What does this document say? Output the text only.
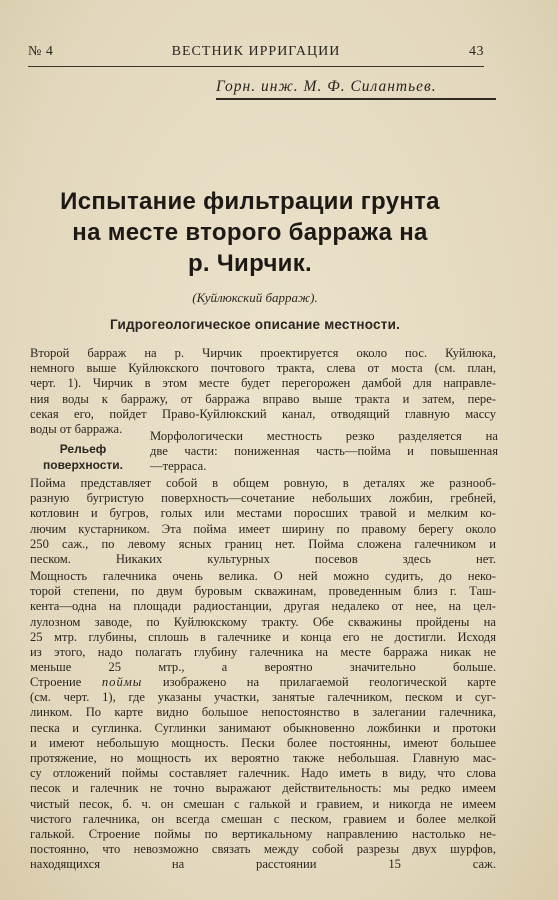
№ 4	ВЕСТНИК ИРРИГАЦИИ	43
Горн. инж. М. Ф. Силантьев.
Испытание фильтрации грунта
на месте второго барража на
р. Чирчик.
(Куйлюкский барраж).
Гидрогеологическое описание местности.
Второй барраж на р. Чирчик проектируется около пос. Куйлюка,
немного выше Куйлюкского почтового тракта, слева от моста (см. план,
черт. 1). Чирчик в этом месте будет перегорожен дамбой для направле-
ния воды к барражу, от барража вправо выше тракта и затем, пере-
секая его, пойдет Право-Куйлюкский канал, отводящий главную массу
воды от барража.
Рельеф
поверхности.
Морфологически местность резко разделяется на
две части: пониженная часть—пойма и повышенная
—терраса.
Пойма представляет собой в общем ровную, в деталях же разнооб-
разную бугристую поверхность—сочетание небольших ложбин, гребней,
котловин и бугров, голых или местами поросших травой и мелким ко-
лючим кустарником. Эта пойма имеет ширину по правому берегу около
250 саж., по левому ясных границ нет. Пойма сложена галечником и
песком. Никаких культурных посевов здесь нет.
Мощность галечника очень велика. О ней можно судить, до неко-
торой степени, по двум буровым скважинам, проведенным близ г. Таш-
кента—одна на площади радиостанции, другая недалеко от нее, на цел-
лулозном заводе, по Куйлюкскому тракту. Обе скважины пройдены на
25 мтр. глубины, сплошь в галечнике и конца его не достигли. Исходя
из этого, надо полагать глубину галечника на месте барража никак не
меньше 25 мтр., а вероятно значительно больше.
Строение поймы изображено на прилагаемой геологической карте
(см. черт. 1), где указаны участки, занятые галечником, песком и суг-
линком. По карте видно большое непостоянство в залегании галечника,
песка и суглинка. Суглинки занимают обыкновенно ложбинки и протоки
и имеют небольшую мощность. Пески более постоянны, имеют большее
протяжение, но мощность их вероятно также небольшая. Главную мас-
су отложений поймы составляет галечник. Надо иметь в виду, что слова
песок и галечник не точно выражают действительность: мы редко имеем
чистый песок, б. ч. он смешан с галькой и гравием, и никогда не имеем
чистого галечника, он всегда смешан с песком, гравием и более мелкой
галькой. Строение поймы по вертикальному направлению настолько не-
постоянно, что невозможно связать между собой разрезы двух шурфов,
находящихся на расстоянии 15 саж.
